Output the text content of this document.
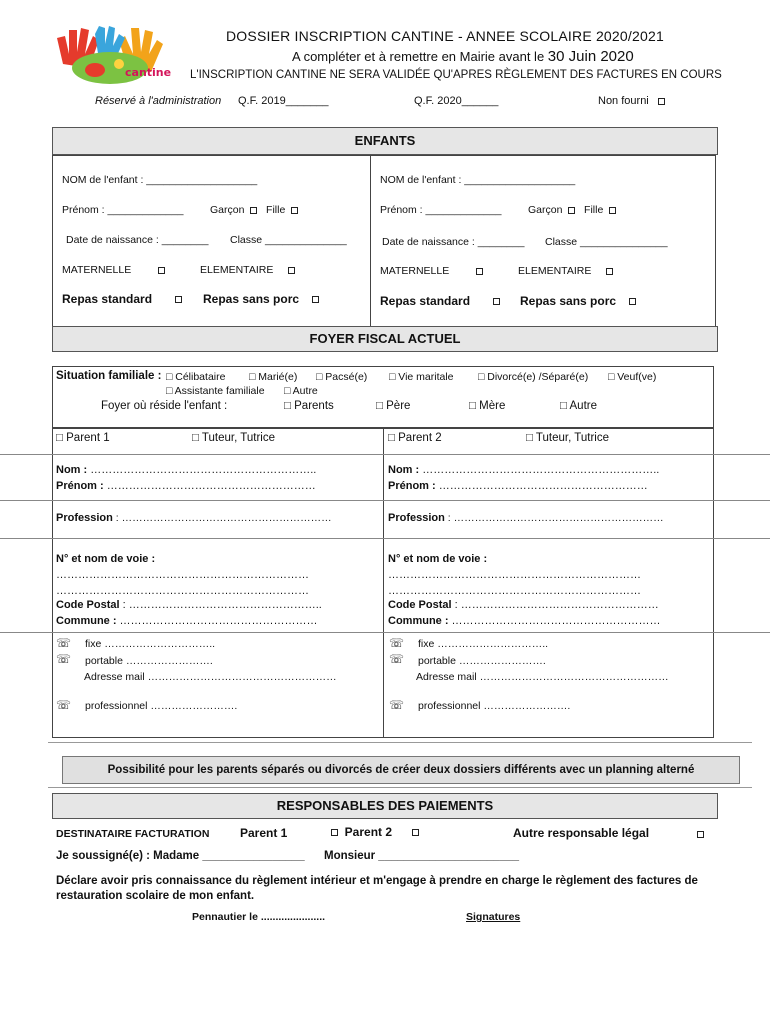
cantine
DOSSIER INSCRIPTION CANTINE - ANNEE SCOLAIRE 2020/2021
A compléter et à remettre en Mairie avant le 30 Juin 2020
L'INSCRIPTION CANTINE NE SERA VALIDÉE QU'APRES RÈGLEMENT DES FACTURES EN COURS
Réservé à l'administration Q.F. 2019_______	Q.F. 2020______	Non fourni
ENFANTS
NOM de l'enfant : ___________________
Prénom : _____________	Garçon Fille
Date de naissance : ________ Classe ______________
MATERNELLE	ELEMENTAIRE
Repas standard	Repas sans porc
NOM de l'enfant : ___________________
Prénom : _____________	Garçon Fille
Date de naissance : ________ Classe _______________
MATERNELLE	ELEMENTAIRE
Repas standard	Repas sans porc
FOYER FISCAL ACTUEL
Situation familiale : □ Célibataire □ Marié(e) □ Pacsé(e) □ Vie maritale □ Divorcé(e) /Séparé(e) □ Veuf(ve)
□ Assistante familiale □ Autre
Foyer où réside l'enfant :	□ Parents	□ Père	□ Mère	□ Autre
□ Parent 1	□ Tuteur, Tutrice
Nom : ……………………………………………………..
Prénom : …………………………………………………
Profession : ……………………………………………………
N° et nom de voie :
……………………………………………………………
……………………………………………………………
Code Postal : ……………………………………………..
Commune : ………………………………………………
☏ fixe …………………………..
☏ portable …………………….
Adresse mail ………………………………………………
☏ professionnel …………………….
□ Parent 2	□ Tuteur, Tutrice
Nom : ………………………………………………………..
Prénom : …………………………………………………
Profession : ……………………………………………………
N° et nom de voie :
……………………………………………………………
……………………………………………………………
Code Postal : ………………………………………………
Commune : …………………………………………………
☏ fixe …………………………..
☏ portable …………………….
Adresse mail ………………………………………………
☏ professionnel …………………….
Possibilité pour les parents séparés ou divorcés de créer deux dossiers différents avec un planning alterné
RESPONSABLES DES PAIEMENTS
DESTINATAIRE FACTURATION	Parent 1	Parent 2	Autre responsable légal
Je soussigné(e) : Madame ________________ Monsieur ______________________
Déclare avoir pris connaissance du règlement intérieur et m'engage à prendre en charge le règlement des factures de restauration scolaire de mon enfant.
Pennautier le ......................	Signatures
